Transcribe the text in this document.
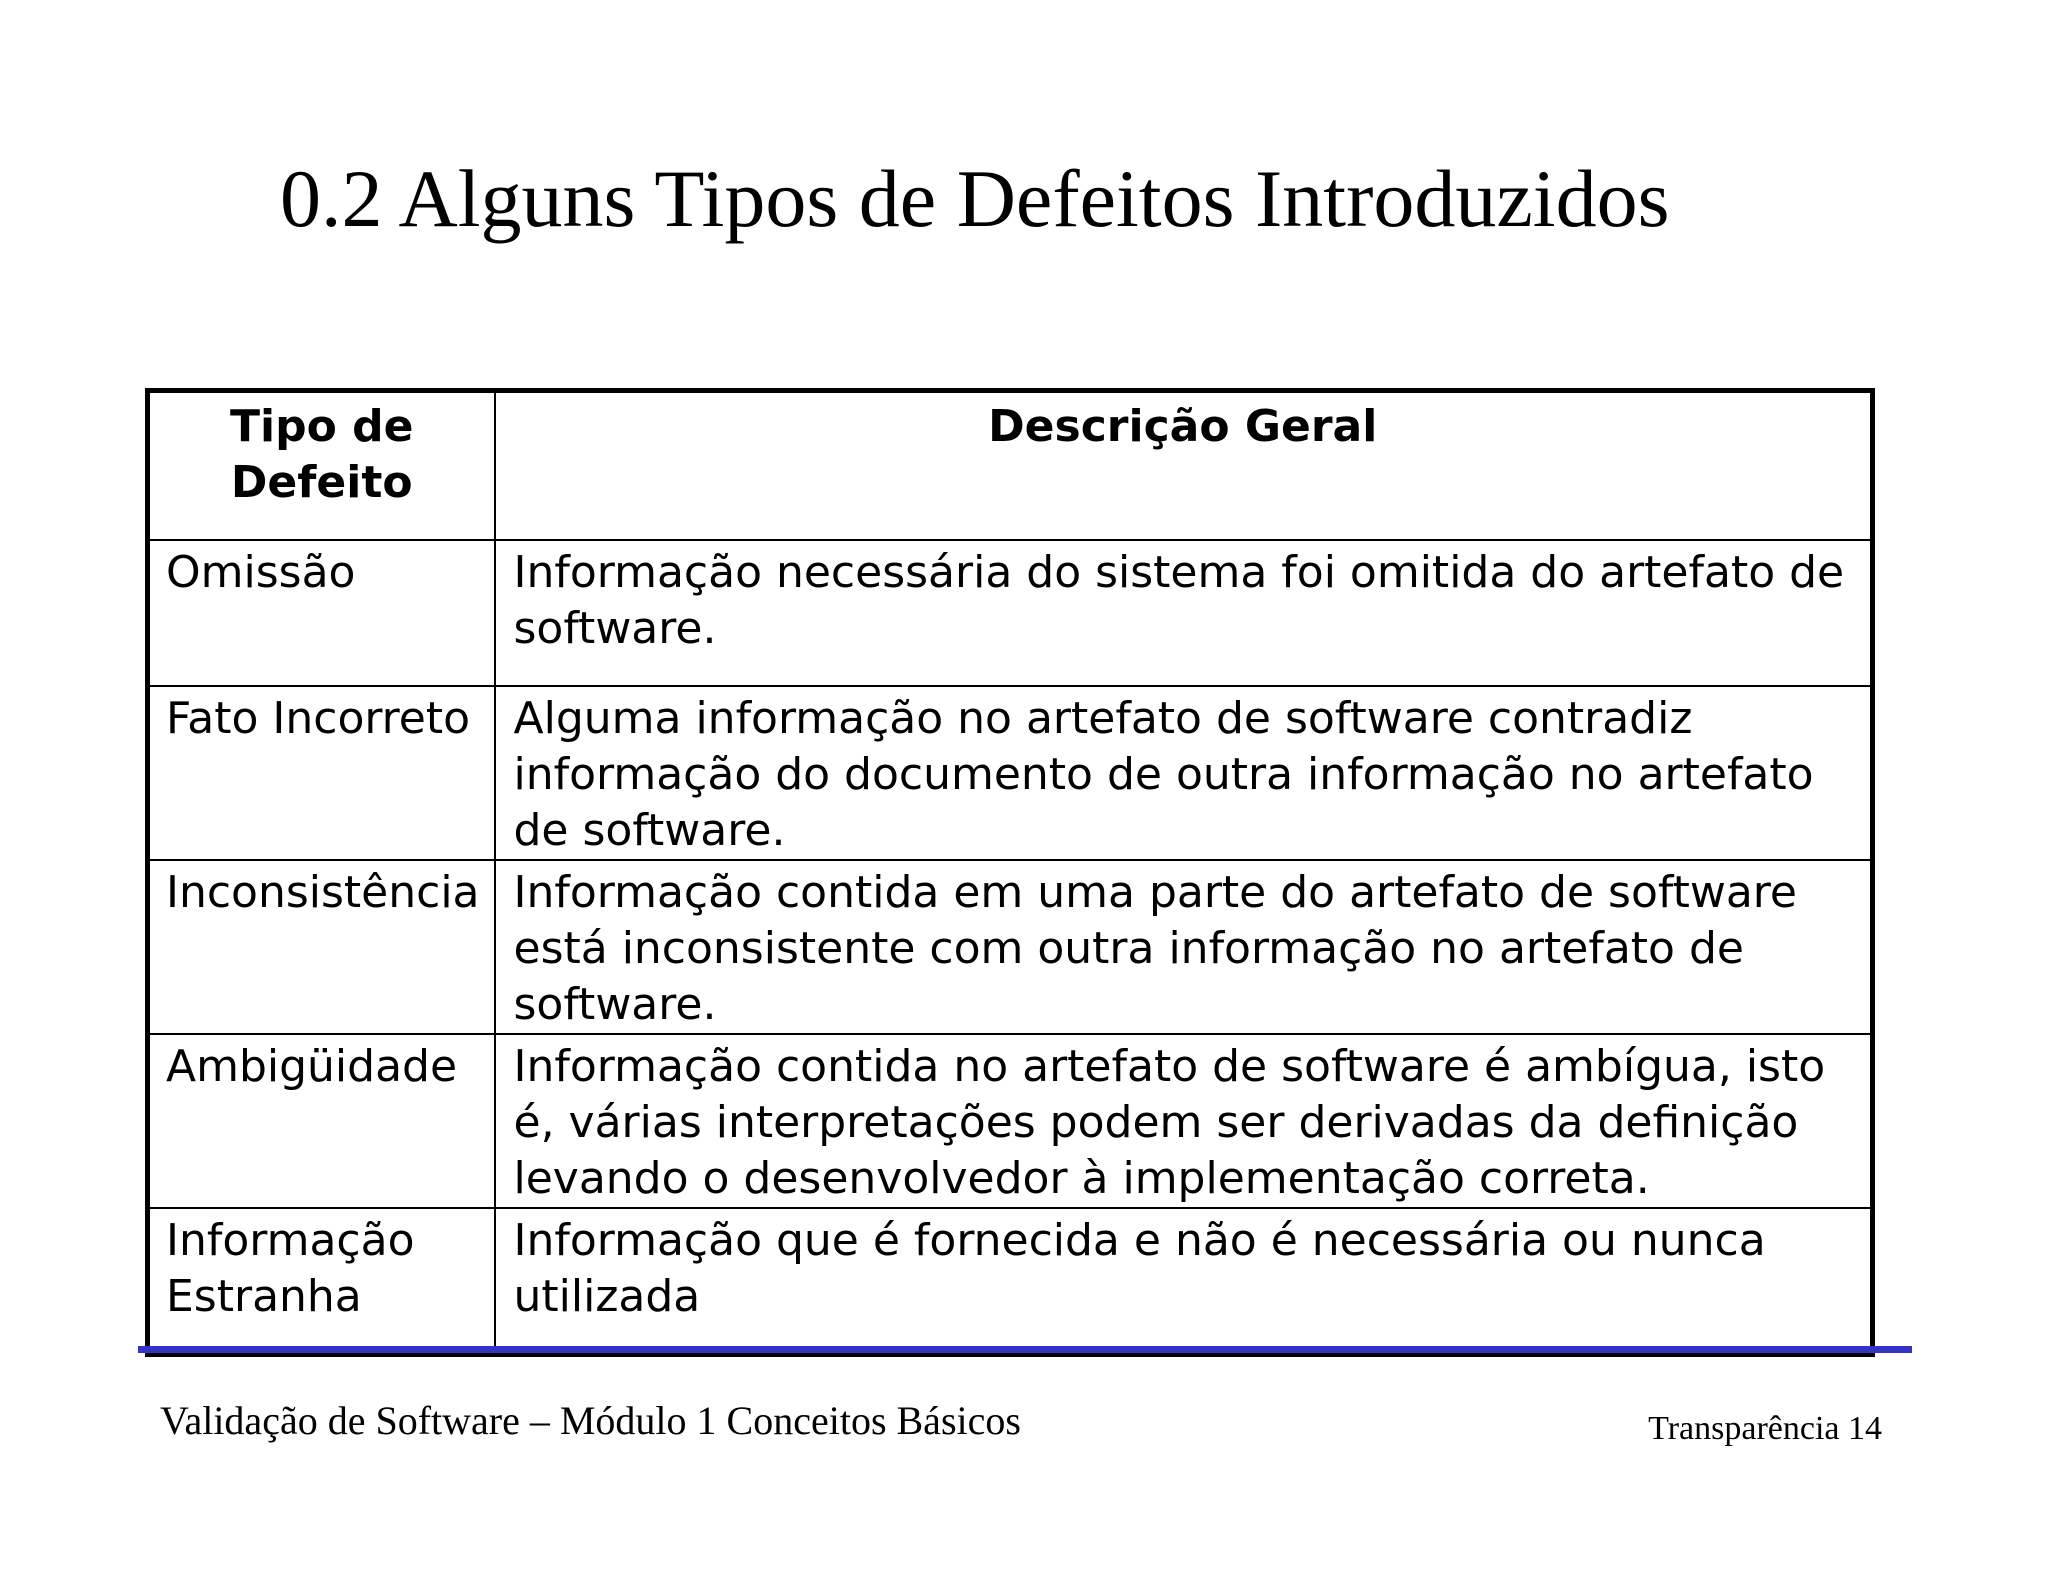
0.2 Alguns Tipos de Defeitos Introduzidos
Tipo de Defeito	Descrição Geral
Omissão	Informação necessária do sistema foi omitida do artefato de software.
Fato Incorreto	Alguma informação no artefato de software contradiz informação do documento de outra informação no artefato de software.
Inconsistência	Informação contida em uma parte do artefato de software está inconsistente com outra informação no artefato de software.
Ambigüidade	Informação contida no artefato de software é ambígua, isto é, várias interpretações podem ser derivadas da definição levando o desenvolvedor à implementação correta.
Informação Estranha	Informação que é fornecida e não é necessária ou nunca utilizada
Validação de Software – Módulo 1 Conceitos Básicos	Transparência 14
